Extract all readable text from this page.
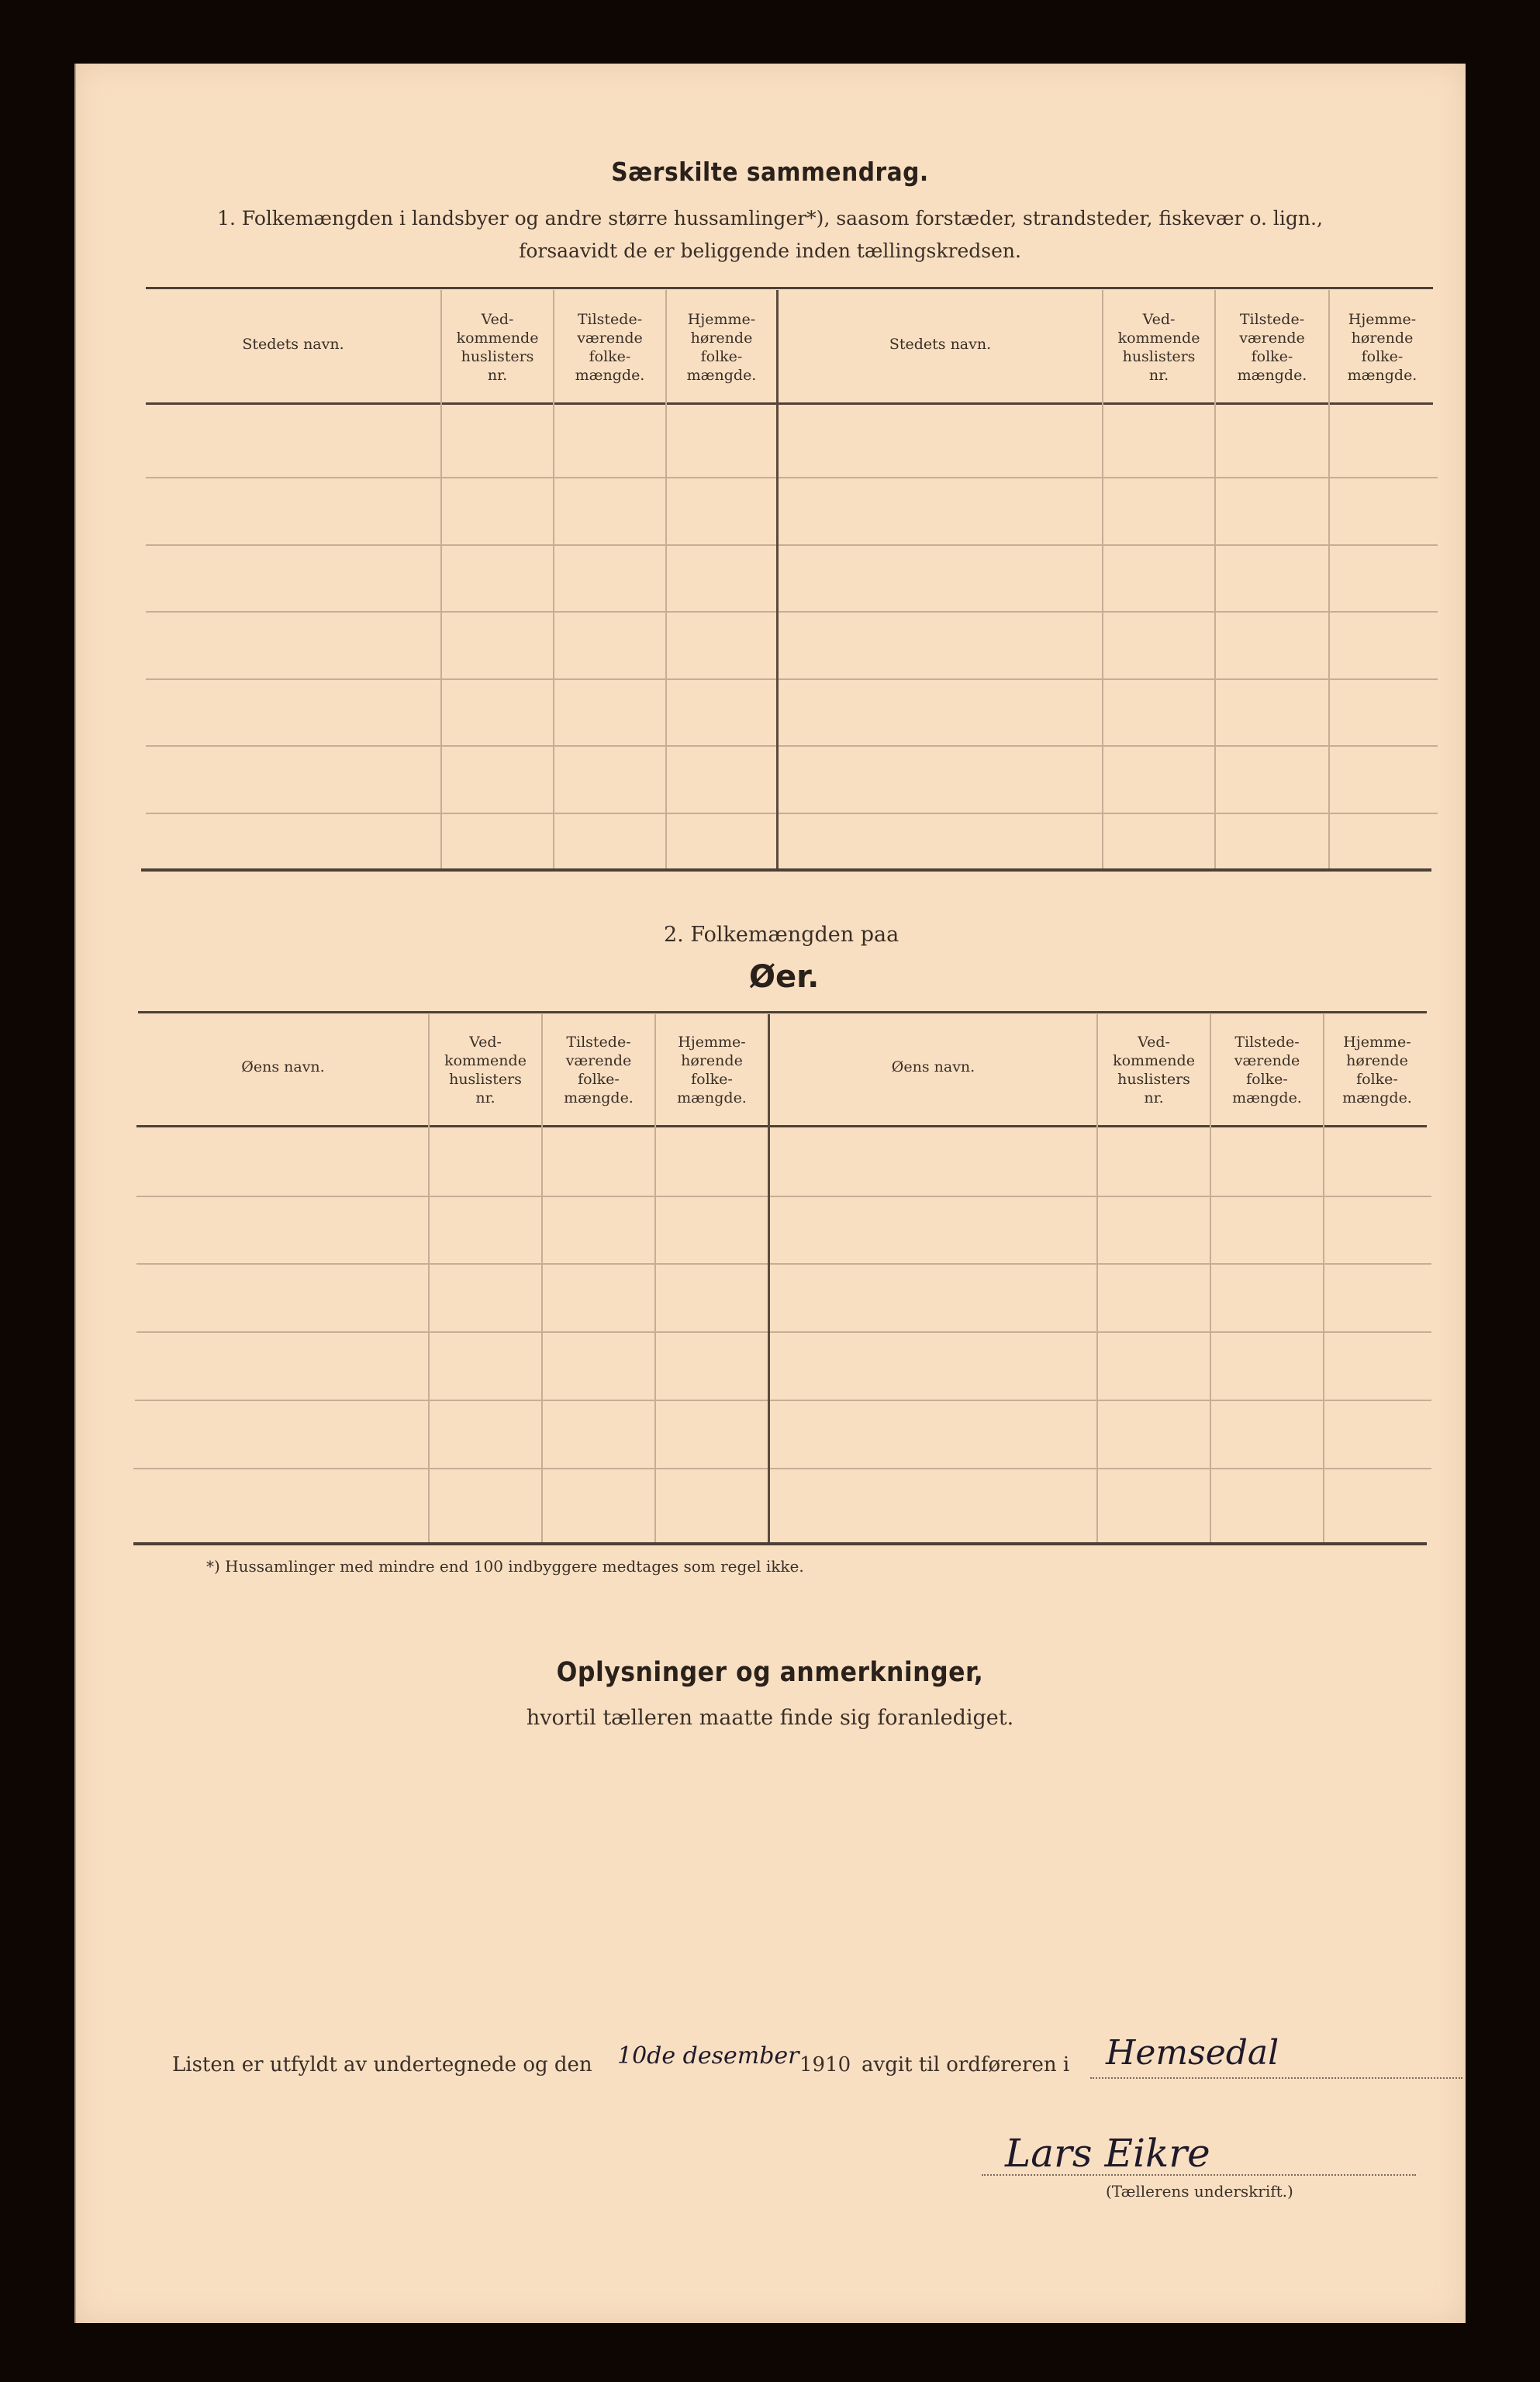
Særskilte sammendrag.
1. Folkemængden i landsbyer og andre større hussamlinger*), saasom forstæder, strandsteder, fiskevær o. lign.,
forsaavidt de er beliggende inden tællingskredsen.
Stedets navn.
Ved-
kommende
huslisters
nr.
Tilstede-
værende
folke-
mængde.
Hjemme-
hørende
folke-
mængde.
Stedets navn.
Ved-
kommende
huslisters
nr.
Tilstede-
værende
folke-
mængde.
Hjemme-
hørende
folke-
mængde.
2. Folkemængden paa
Øer.
Øens navn.
Ved-
kommende
huslisters
nr.
Tilstede-
værende
folke-
mængde.
Hjemme-
hørende
folke-
mængde.
Øens navn.
Ved-
kommende
huslisters
nr.
Tilstede-
værende
folke-
mængde.
Hjemme-
hørende
folke-
mængde.
*) Hussamlinger med mindre end 100 indbyggere medtages som regel ikke.
Oplysninger og anmerkninger,
hvortil tælleren maatte finde sig foranlediget.
Listen er utfyldt av undertegnede og den 10de desember 1910 avgit til ordføreren i Hemsedal
Lars Eikre
(Tællerens underskrift.)
